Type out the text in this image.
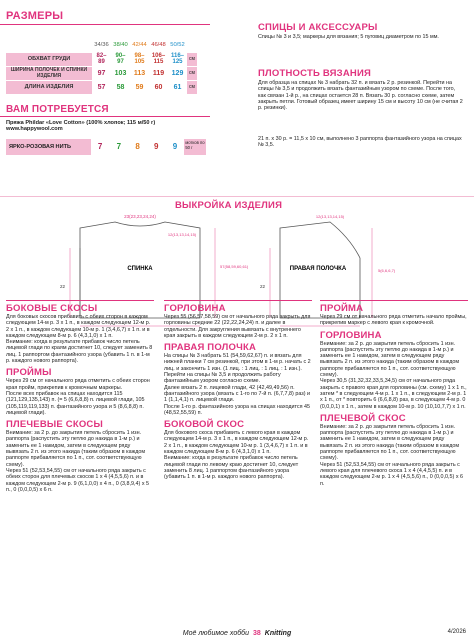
РАЗМЕРЫ
	34/36	38/40	42/44	46/48	50/52	
ОБХВАТ ГРУДИ	82–89	90–97	98–105	106–115	116–125	см
ШИРИНА ПОЛОЧЕК И СПИНКИ ИЗДЕЛИЯ	97	103	113	119	129	см
ДЛИНА ИЗДЕЛИЯ	57	58	59	60	61	см
ВАМ ПОТРЕБУЕТСЯ
Пряжа Phildar «Love Cotton» (100% хлопок; 115 м/50 г)
www.happywool.com
ЯРКО-РОЗОВАЯ НИТЬ	7	7	8	9	9	мотков по 50 г
СПИЦЫ И АКСЕССУАРЫ
Спицы № 3 и 3,5; маркеры для вязания; 5 пуговиц диаметром по 15 мм.
ПЛОТНОСТЬ ВЯЗАНИЯ
Для образца на спицах № 3 набрать 32 п. и вязать 2 р. резинкой. Перейти на спицы № 3,5 и продолжить вязать фантазийным узором по схеме. После того, как связан 1-й р., на спицах остается 28 п. Вязать 30 р. согласно схеме, затем закрыть петли. Готовый образец имеет ширину 15 см и высоту 10 см (не считая 2 р. резинки).
21 п. х 30 р. = 11,5 х 10 см, выполнено 3 раппорта фантазийного узора на спицах № 3,5.
ВЫКРОЙКА ИЗДЕЛИЯ
СПИНКА	ПРАВАЯ ПОЛОЧКА
23(23,23,24,24)
12(13,13,14,15)
12(13,13,14,15)
22	22
5(6,6,6,7)
57(58,59,60,61)
БОКОВЫЕ СКОСЫ
Для боковых скосов прибавить с обеих сторон в каждом следующем 14-м р. 3 х 1 п., в каждом следующем 12-м р. 2 х 1 п., в каждом следующем 10-м р. 1 (3,4,6,7) х 1 п. и в каждом следующем 8-м р. 6 (4,3,1,0) х 1 п.
Внимание: когда в результате прибавок число петель лицевой глади по краям достигнет 10, следует заменить 8 лиц. 1 раппортом фантазийного узора (убавить 1 п. в 1-м р. каждого нового раппорта).
ПРОЙМЫ
Через 29 см от начального ряда отметить с обеих сторон края пройм, прикрепив к кромочным маркеры.
После всех прибавок на спицах находится 115 (121,129,135,143) п. (= 5 (6,6,8,8) п. лицевой глади, 105 (105,119,119,133) п. фантазийного узора и 5 (8,6,8,8) п. лицевой глади).
ПЛЕЧЕВЫЕ СКОСЫ
Внимание: за 2 р. до закрытия петель сбросить 1 изн. раппорта (распустить эту петлю до накида в 1-м р.) и заменить ее 1 накидом, затем в следующем ряду вывязать 2 п. из этого накида (таким образом в каждом раппорте прибавляется по 1 п., сот. соответствующую схему).
Через 51 (52,53,54,55) см от начального ряда закрыть с обеих сторон для плечевых скосов 1 х 4 (4,5,5,6) п. и в каждом следующем 2-м р. 9 (6,1,0,0) х 4 п., 0 (3,8,9,4) х 5 п., 0 (0,0,0,5) х 6 п.
ГОРЛОВИНА
Через 55 (56,57,58,59) см от начального ряда закрыть для горловины средние 22 (22,22,24,24) п. и далее в отдельности. Для закругления вывязать с внутреннего края закрыть в каждом следующем 2-м р. 2 х 1 п.
ПРАВАЯ ПОЛОЧКА
На спицы № 3 набрать 51 (54,59,62,67) п. и вязать для нижней планки 7 см резинкой, при этом в 1-м р. начать с 2 лиц. и закончить 1 изн. (1 лиц. : 1 лиц. : 1 лиц. : 1 изн.).
Перейти на спицы № 3,5 и продолжить работу фантазийным узором согласно схеме.
Далее вязать 2 п. лицевой глади, 42 (42,49,49,56) п. фантазийного узора (вязать с 1-го по 7-й п. (6,7,7,8) раз) и 1 (1,1,4,1) п. лицевой глади.
После 1-го р. фантазийного узора на спицах находится 45 (48,52,55,59) п.
БОКОВОЙ СКОС
Для бокового скоса прибавить с левого края в каждом следующем 14-м р. 3 х 1 п., в каждом следующем 12-м р. 2 х 1 п., в каждом следующем 10-м р. 1 (3,4,6,7) х 1 п. и в каждом следующем 8-м р. 6 (4,3,1,0) х 1 п.
Внимание: когда в результате прибавок число петель лицевой глади по левому краю достигнет 10, следует заменить 8 лиц. 1 раппортом фантазийного узора (убавить 1 п. в 1-м р. каждого нового раппорта).
ПРОЙМА
Через 29 см от начального ряда отметить начало проймы, прикрепив маркер с левого края к кромочной.
ГОРЛОВИНА
Внимание: за 2 р. до закрытия петель сбросить 1 изн. раппорта (распустить эту петлю до накида в 1-м р.) и заменить ее 1 накидом, затем в следующем ряду вывязать 2 п. из этого накида (таким образом в каждом раппорте прибавляется по 1 п., сот. соответствующую схему).
Через 30,5 (31,32,32,33,5,34,5) см от начального ряда закрыть с правого края для горловины (см. схему) 1 х 1 п., затем * в следующем 4-м р. 1 х 1 п., в следующем 2-м р. 1 х 1 п., от * повторить 6 (6,6,8,8) раз, в следующем 4-м р. 0 (0,0,0,1) х 1 п., затем в каждом 10-м р. 10 (10,10,7,7) х 1 п.
ПЛЕЧЕВОЙ СКОС
Внимание: за 2 р. до закрытия петель сбросить 1 изн. раппорта (распустить эту петлю до накида в 1-м р.) и заменить ее 1 накидом, затем в следующем ряду вывязать 2 п. из этого накида (таким образом в каждом раппорте прибавляется по 1 п., сот. соответствующую схему).
Через 51 (52,53,54,55) см от начального ряда закрыть с левого края для плечевого скоса 1 х 4 (4,4,5,5) п. и в каждом следующем 2-м р. 1 х 4 (4,5,5,6) п., 0 (0,0,0,5) х 6 п.
Моё любимое хобби 38 Knitting	4/2026
